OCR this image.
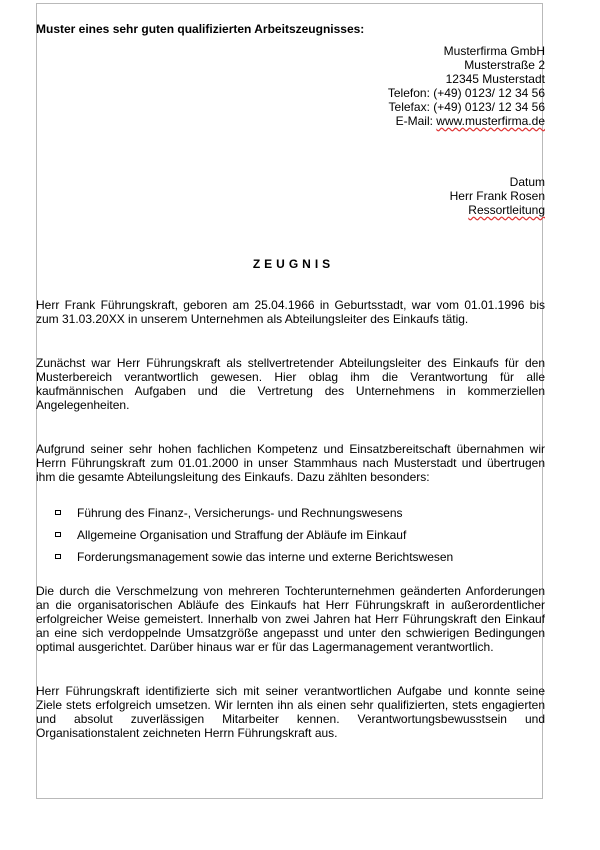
Muster eines sehr guten qualifizierten Arbeitszeugnisses:

Musterfirma GmbH
Musterstraße 2
12345 Musterstadt
Telefon: (+49) 0123/ 12 34 56
Telefax: (+49) 0123/ 12 34 56
E-Mail: www.musterfirma.de
Datum
Herr Frank Rosen
Ressortleitung
ZEUGNIS

Herr Frank Führungskraft, geboren am 25.04.1966 in Geburtsstadt, war vom 01.01.1996 bis zum 31.03.20XX in unserem Unternehmen als Abteilungsleiter des Einkaufs tätig.

Zunächst war Herr Führungskraft als stellvertretender Abteilungsleiter des Einkaufs für den Musterbereich verantwortlich gewesen. Hier oblag ihm die Verantwortung für alle kaufmännischen Aufgaben und die Vertretung des Unternehmens in kommerziellen Angelegenheiten.

Aufgrund seiner sehr hohen fachlichen Kompetenz und Einsatzbereitschaft übernahmen wir Herrn Führungskraft zum 01.01.2000 in unser Stammhaus nach Musterstadt und übertrugen ihm die gesamte Abteilungsleitung des Einkaufs. Dazu zählten besonders:

Führung des Finanz-, Versicherungs- und Rechnungswesens
Allgemeine Organisation und Straffung der Abläufe im Einkauf
Forderungsmanagement sowie das interne und externe Berichtswesen

Die durch die Verschmelzung von mehreren Tochterunternehmen geänderten Anforderungen an die organisatorischen Abläufe des Einkaufs hat Herr Führungskraft in außerordentlicher erfolgreicher Weise gemeistert. Innerhalb von zwei Jahren hat Herr Führungskraft den Einkauf an eine sich verdoppelnde Umsatzgröße angepasst und unter den schwierigen Bedingungen optimal ausgerichtet. Darüber hinaus war er für das Lagermanagement verantwortlich.

Herr Führungskraft identifizierte sich mit seiner verantwortlichen Aufgabe und konnte seine Ziele stets erfolgreich umsetzen. Wir lernten ihn als einen sehr qualifizierten, stets engagierten und absolut zuverlässigen Mitarbeiter kennen. Verantwortungsbewusstsein und Organisationstalent zeichneten Herrn Führungskraft aus.
